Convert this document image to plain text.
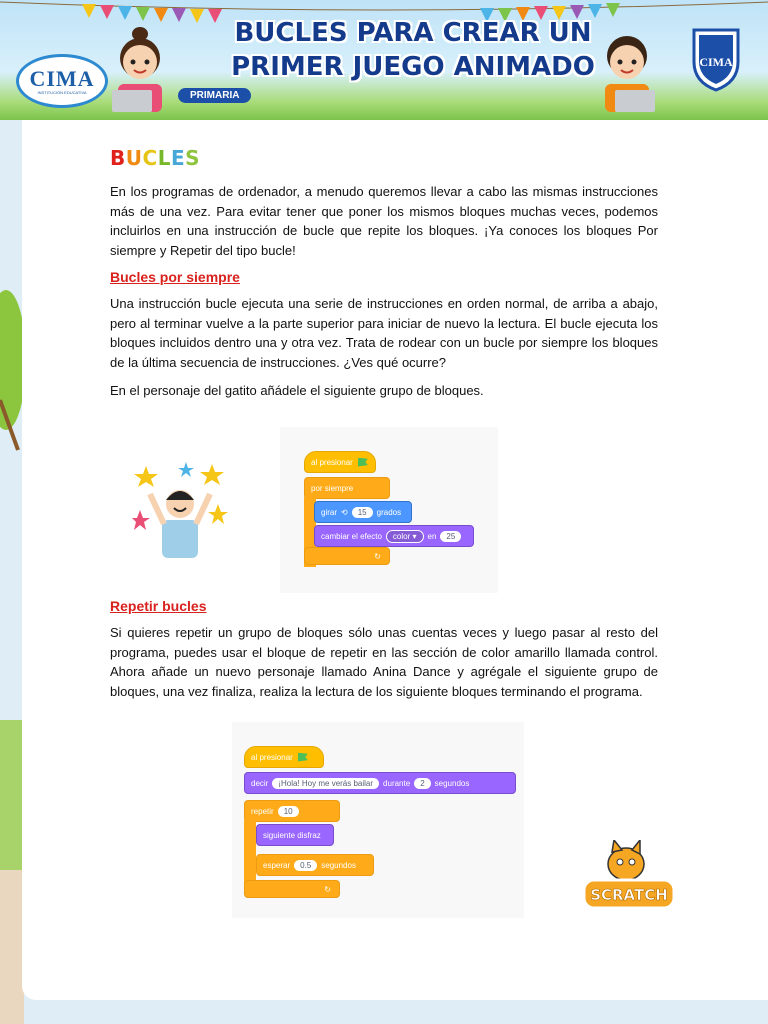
CIMA
INSTITUCIÓN EDUCATIVA
BUCLES PARA CREAR UN
PRIMER JUEGO ANIMADO
PRIMARIA
CIMA
BUCLES

En los programas de ordenador, a menudo queremos llevar a cabo las mismas instrucciones más de una vez. Para evitar tener que poner los mismos bloques muchas veces, podemos incluirlos en una instrucción de bucle que repite los bloques. ¡Ya conoces los bloques Por siempre y Repetir del tipo bucle!

Bucles por siempre

Una instrucción bucle ejecuta una serie de instrucciones en orden normal, de arriba a abajo, pero al terminar vuelve a la parte superior para iniciar de nuevo la lectura. El bucle ejecuta los bloques incluidos dentro una y otra vez. Trata de rodear con un bucle por siempre los bloques de la última secuencia de instrucciones. ¿Ves qué ocurre?

En el personaje del gatito añádele el siguiente grupo de bloques.

al presionar
por siempre
girar ⟲	15	grados
cambiar el efecto	color ▾	en	25
↻
Repetir bucles

Si quieres repetir un grupo de bloques sólo unas cuentas veces y luego pasar al resto del programa, puedes usar el bloque de repetir en las sección de color amarillo llamada control. Ahora añade un nuevo personaje llamado Anina Dance y agrégale el siguiente grupo de bloques, una vez finaliza, realiza la lectura de los siguiente bloques terminando el programa.

al presionar
decir	¡Hola! Hoy me verás bailar	durante	2	segundos
repetir	10
siguiente disfraz
esperar	0.5	segundos
↻	SCRATCH
